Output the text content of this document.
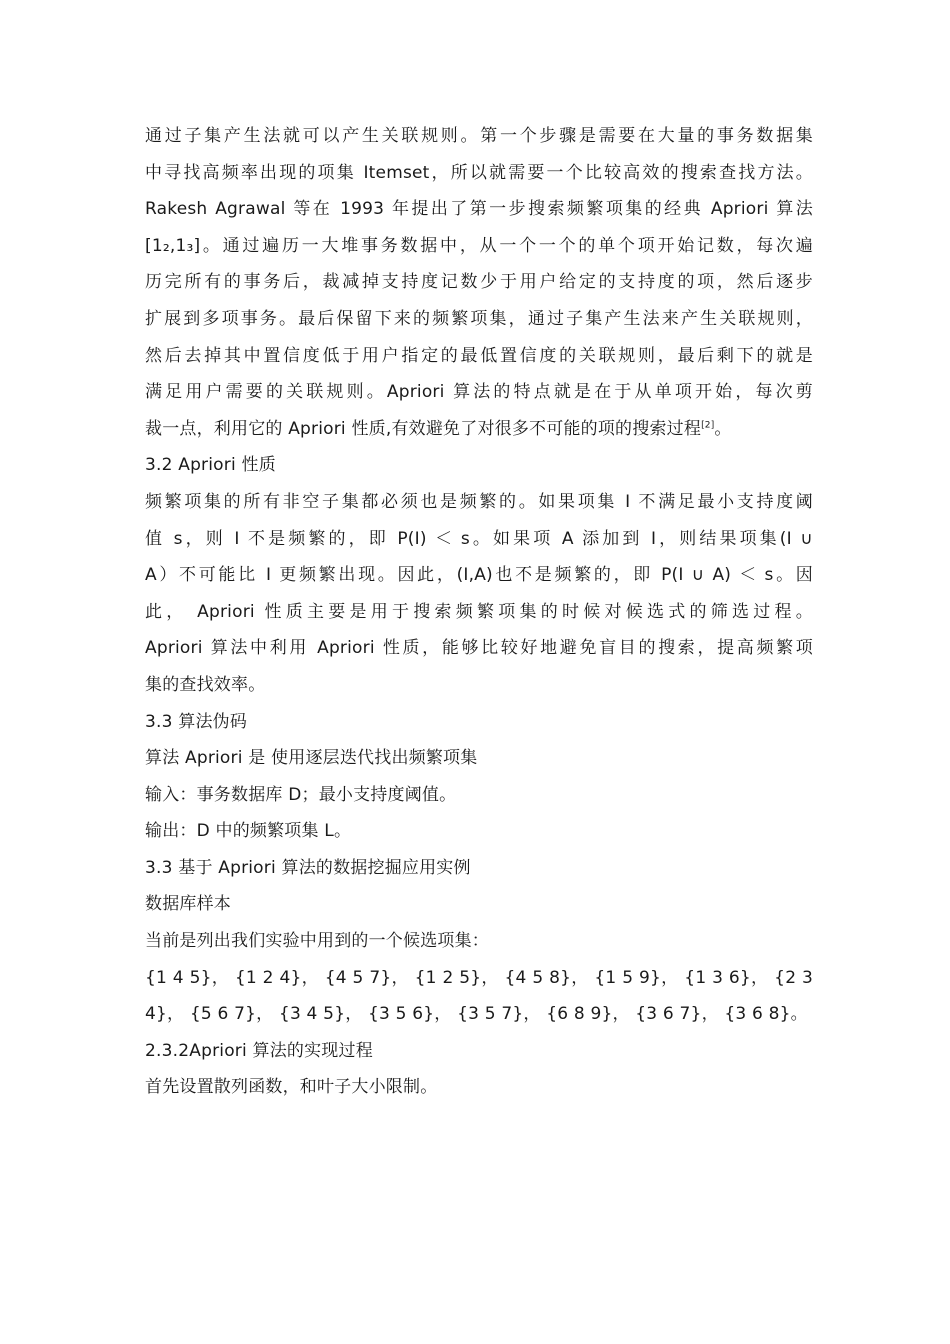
通过子集产生法就可以产生关联规则。第一个步骤是需要在大量的事务数据集
中寻找高频率出现的项集 Itemset，所以就需要一个比较高效的搜索查找方法。
Rakesh Agrawal 等在 1993 年提出了第一步搜索频繁项集的经典 Apriori 算法
[1₂,1₃]。通过遍历一大堆事务数据中，从一个一个的单个项开始记数，每次遍
历完所有的事务后，裁减掉支持度记数少于用户给定的支持度的项，然后逐步
扩展到多项事务。最后保留下来的频繁项集，通过子集产生法来产生关联规则，
然后去掉其中置信度低于用户指定的最低置信度的关联规则，最后剩下的就是
满足用户需要的关联规则。Apriori 算法的特点就是在于从单项开始，每次剪
裁一点，利用它的 Apriori 性质,有效避免了对很多不可能的项的搜索过程[2]。
3.2 Apriori 性质
频繁项集的所有非空子集都必须也是频繁的。如果项集 I 不满足最小支持度阈
值 s，则 I 不是频繁的，即 P(I) ＜ s。如果项 A 添加到 I，则结果项集(I ∪
A）不可能比 I 更频繁出现。因此，(I,A)也不是频繁的，即 P(I ∪ A) ＜ s。因
此， Apriori 性质主要是用于搜索频繁项集的时候对候选式的筛选过程。
Apriori 算法中利用 Apriori 性质，能够比较好地避免盲目的搜索，提高频繁项
集的查找效率。
3.3 算法伪码
算法 Apriori 是 使用逐层迭代找出频繁项集
输入：事务数据库 D；最小支持度阈值。
输出：D 中的频繁项集 L。
3.3 基于 Apriori 算法的数据挖掘应用实例
数据库样本
当前是列出我们实验中用到的一个候选项集：
{1 4 5}， {1 2 4}， {4 5 7}， {1 2 5}， {4 5 8}， {1 5 9}， {1 3 6}， {2 3
4}， {5 6 7}， {3 4 5}， {3 5 6}， {3 5 7}， {6 8 9}， {3 6 7}， {3 6 8}。
2.3.2Apriori 算法的实现过程
首先设置散列函数，和叶子大小限制。
